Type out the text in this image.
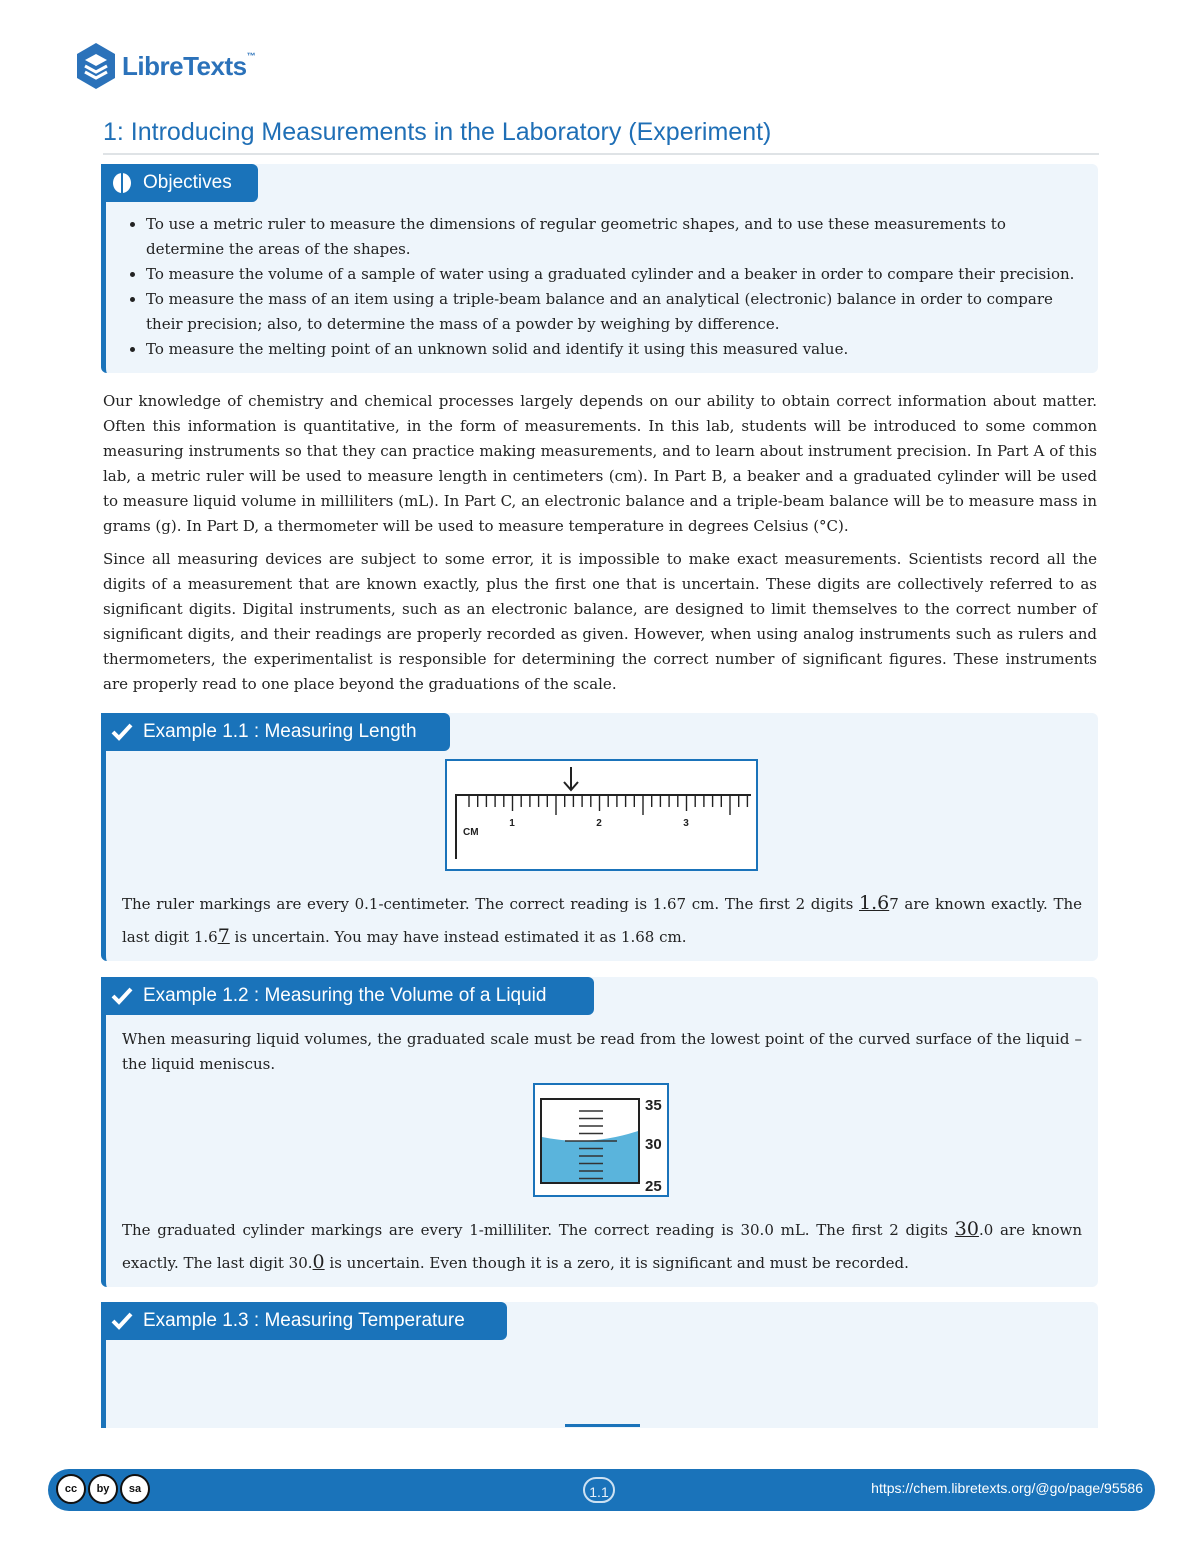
LibreTexts™
1: Introducing Measurements in the Laboratory (Experiment)
Objectives
• To use a metric ruler to measure the dimensions of regular geometric shapes, and to use these measurements to determine the areas of the shapes.
• To measure the volume of a sample of water using a graduated cylinder and a beaker in order to compare their precision.
• To measure the mass of an item using a triple-beam balance and an analytical (electronic) balance in order to compare their precision; also, to determine the mass of a powder by weighing by difference.
• To measure the melting point of an unknown solid and identify it using this measured value.

Our knowledge of chemistry and chemical processes largely depends on our ability to obtain correct information about matter. Often this information is quantitative, in the form of measurements. In this lab, students will be introduced to some common measuring instruments so that they can practice making measurements, and to learn about instrument precision. In Part A of this lab, a metric ruler will be used to measure length in centimeters (cm). In Part B, a beaker and a graduated cylinder will be used to measure liquid volume in milliliters (mL). In Part C, an electronic balance and a triple-beam balance will be to measure mass in grams (g). In Part D, a thermometer will be used to measure temperature in degrees Celsius (°C).

Since all measuring devices are subject to some error, it is impossible to make exact measurements. Scientists record all the digits of a measurement that are known exactly, plus the first one that is uncertain. These digits are collectively referred to as significant digits. Digital instruments, such as an electronic balance, are designed to limit themselves to the correct number of significant digits, and their readings are properly recorded as given. However, when using analog instruments such as rulers and thermometers, the experimentalist is responsible for determining the correct number of significant figures. These instruments are properly read to one place beyond the graduations of the scale.

Example 1.1 : Measuring Length
CM
1	2	3

The ruler markings are every 0.1-centimeter. The correct reading is 1.67 cm. The first 2 digits 1.67 are known exactly. The last digit 1.67 is uncertain. You may have instead estimated it as 1.68 cm.

Example 1.2 : Measuring the Volume of a Liquid

When measuring liquid volumes, the graduated scale must be read from the lowest point of the curved surface of the liquid – the liquid meniscus.

35
30
25

The graduated cylinder markings are every 1-milliliter. The correct reading is 30.0 mL. The first 2 digits 30.0 are known exactly. The last digit 30.0 is uncertain. Even though it is a zero, it is significant and must be recorded.

Example 1.3 : Measuring Temperature
cc	by	sa	1.1	https://chem.libretexts.org/@go/page/95586
